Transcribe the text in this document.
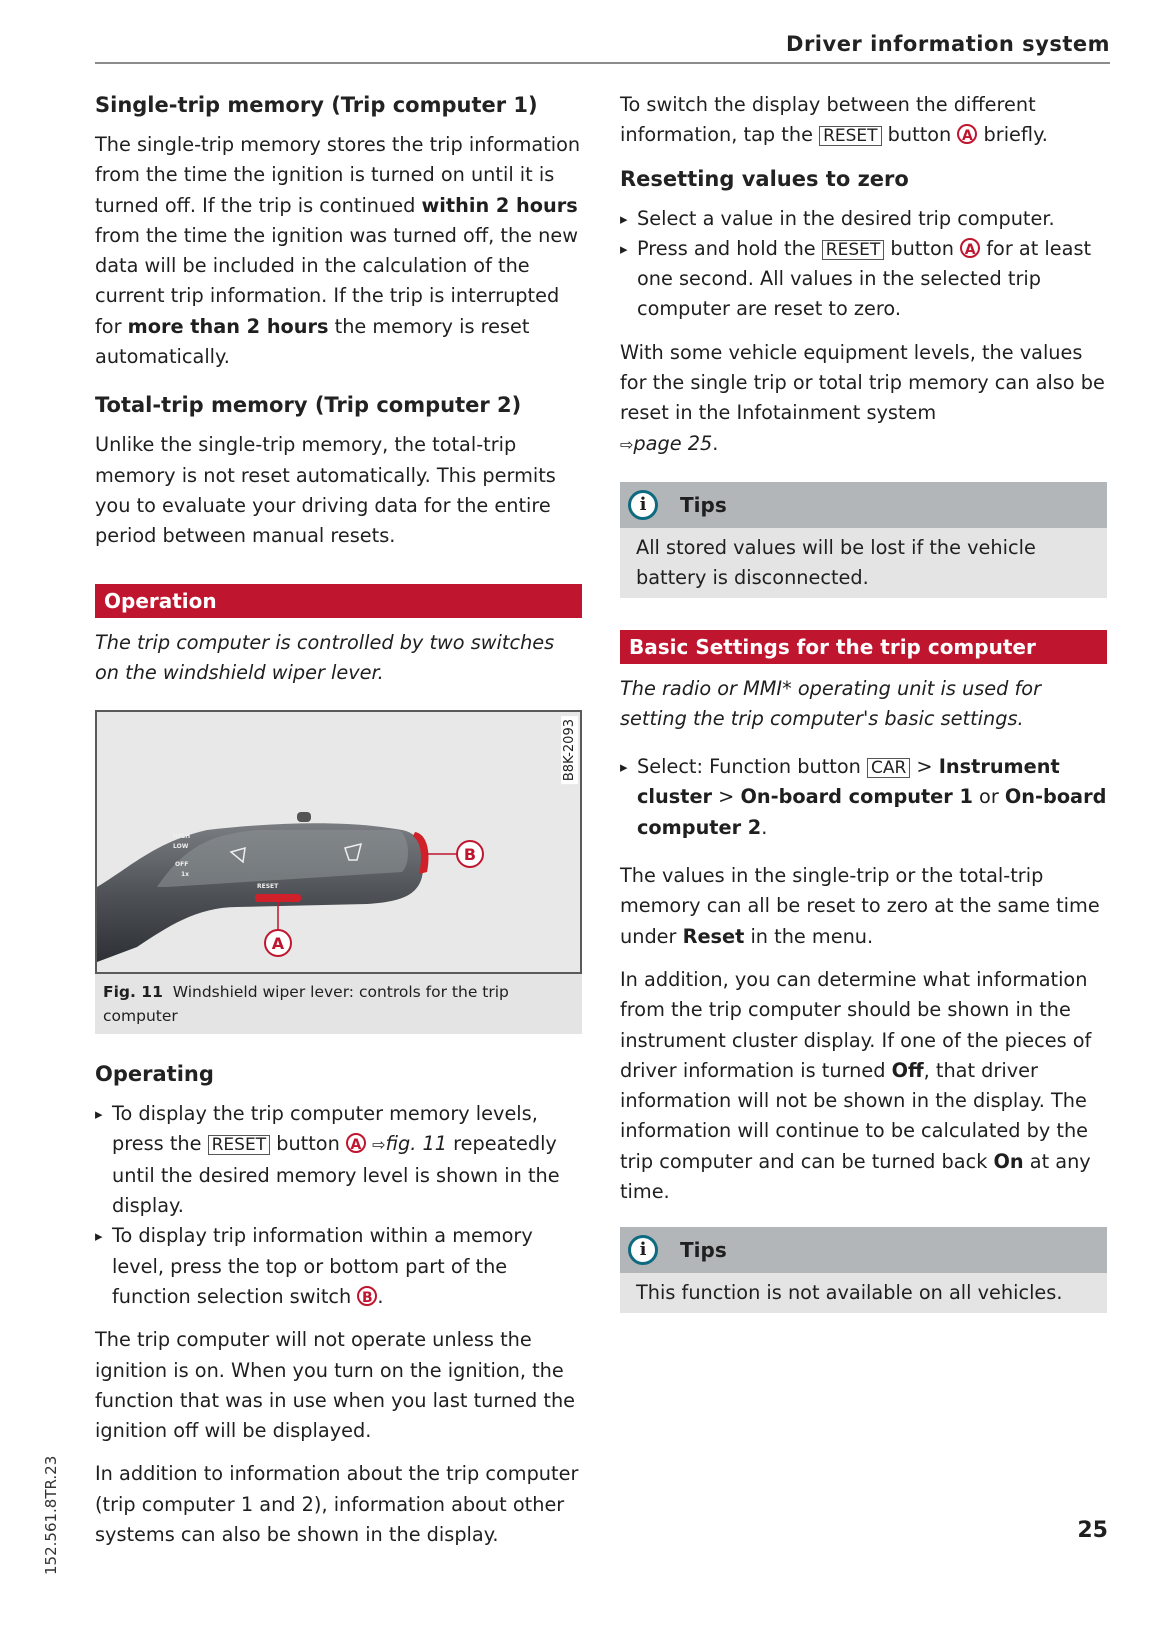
Driver information system
Single-trip memory (Trip computer 1)

The single-trip memory stores the trip information from the time the ignition is turned on until it is turned off. If the trip is continued within 2 hours from the time the ignition was turned off, the new data will be included in the calculation of the current trip information. If the trip is interrupted for more than 2 hours the memory is reset automatically.

Total-trip memory (Trip computer 2)

Unlike the single-trip memory, the total-trip memory is not reset automatically. This permits you to evaluate your driving data for the entire period between manual resets.

Operation

The trip computer is controlled by two switches on the windshield wiper lever.

B8K-2093
HIGH
LOW
OFF
1x
RESET
B
A
Fig. 11 Windshield wiper lever: controls for the trip computer
Operating
▸ To display the trip computer memory levels, press the RESET button A ⇨fig. 11 repeatedly until the desired memory level is shown in the display.
▸ To display trip information within a memory level, press the top or bottom part of the function selection switch B .

The trip computer will not operate unless the ignition is on. When you turn on the ignition, the function that was in use when you last turned the ignition off will be displayed.

In addition to information about the trip computer (trip computer 1 and 2), information about other systems can also be shown in the display.

To switch the display between the different information, tap the RESET button A briefly.

Resetting values to zero
▸ Select a value in the desired trip computer.
▸ Press and hold the RESET button A for at least one second. All values in the selected trip computer are reset to zero.

With some vehicle equipment levels, the values for the single trip or total trip memory can also be reset in the Infotainment system
⇨page 25.

i	Tips
All stored values will be lost if the vehicle battery is disconnected.
Basic Settings for the trip computer

The radio or MMI* operating unit is used for setting the trip computer's basic settings.

▸ Select: Function button CAR > Instrument cluster > On-board computer 1 or On-board computer 2.

The values in the single-trip or the total-trip memory can all be reset to zero at the same time under Reset in the menu.

In addition, you can determine what information from the trip computer should be shown in the instrument cluster display. If one of the pieces of driver information is turned Off, that driver information will not be shown in the display. The information will continue to be calculated by the trip computer and can be turned back On at any time.

i	Tips
This function is not available on all vehicles.
152.561.8TR.23	25
